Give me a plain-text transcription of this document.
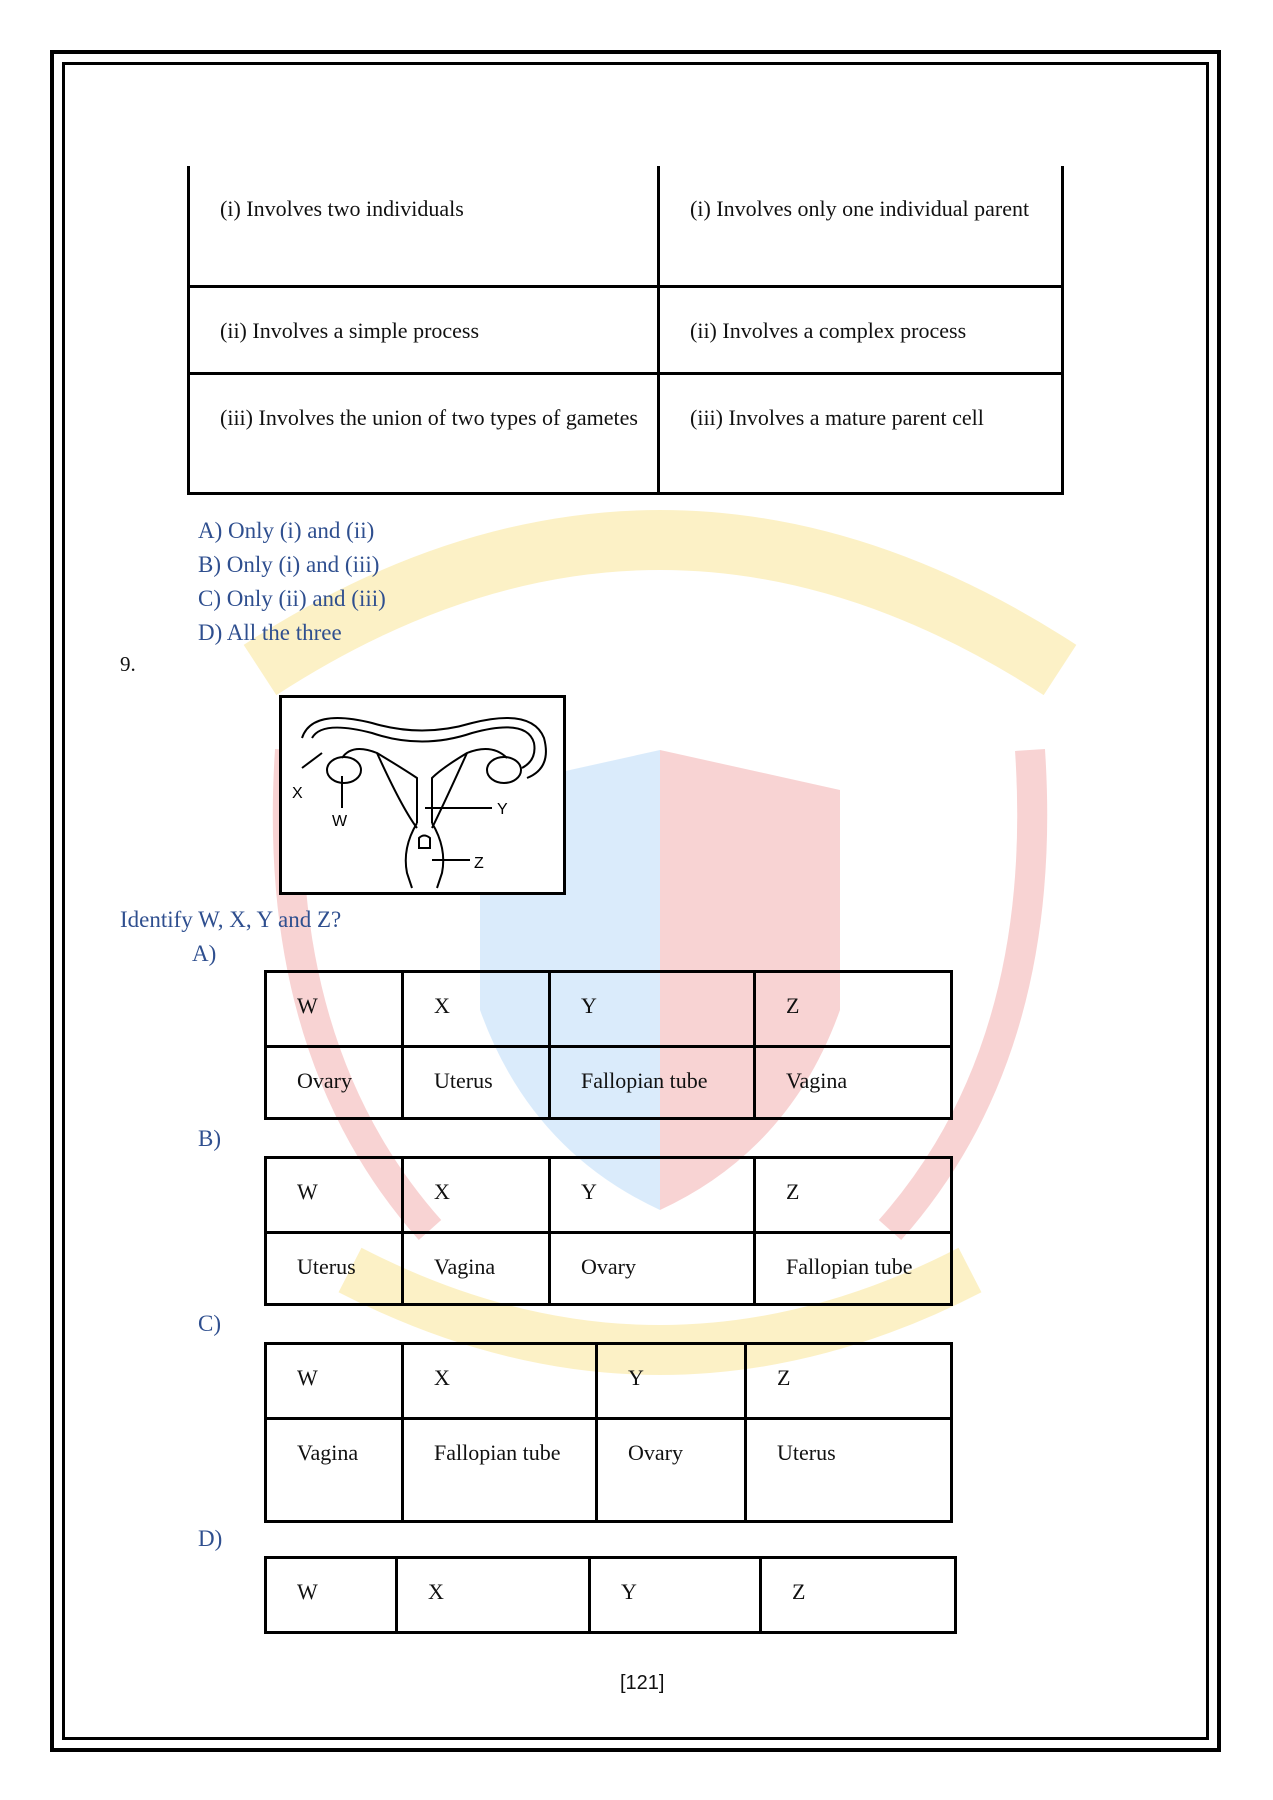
(i) Involves two individuals	(i) Involves only one individual parent
(ii) Involves a simple process	(ii) Involves a complex process
(iii) Involves the union of two types of gametes	(iii) Involves a mature parent cell
A) Only (i) and (ii)
B) Only (i) and (iii)
C) Only (ii) and (iii)
D) All the three
9.
X
W
Y
Z
Identify W, X, Y and Z?
A)
W	X	Y	Z
Ovary	Uterus	Fallopian tube	Vagina
B)
W	X	Y	Z
Uterus	Vagina	Ovary	Fallopian tube
C)
W	X	Y	Z
Vagina	Fallopian tube	Ovary	Uterus
D)
W	X	Y	Z
[121]
